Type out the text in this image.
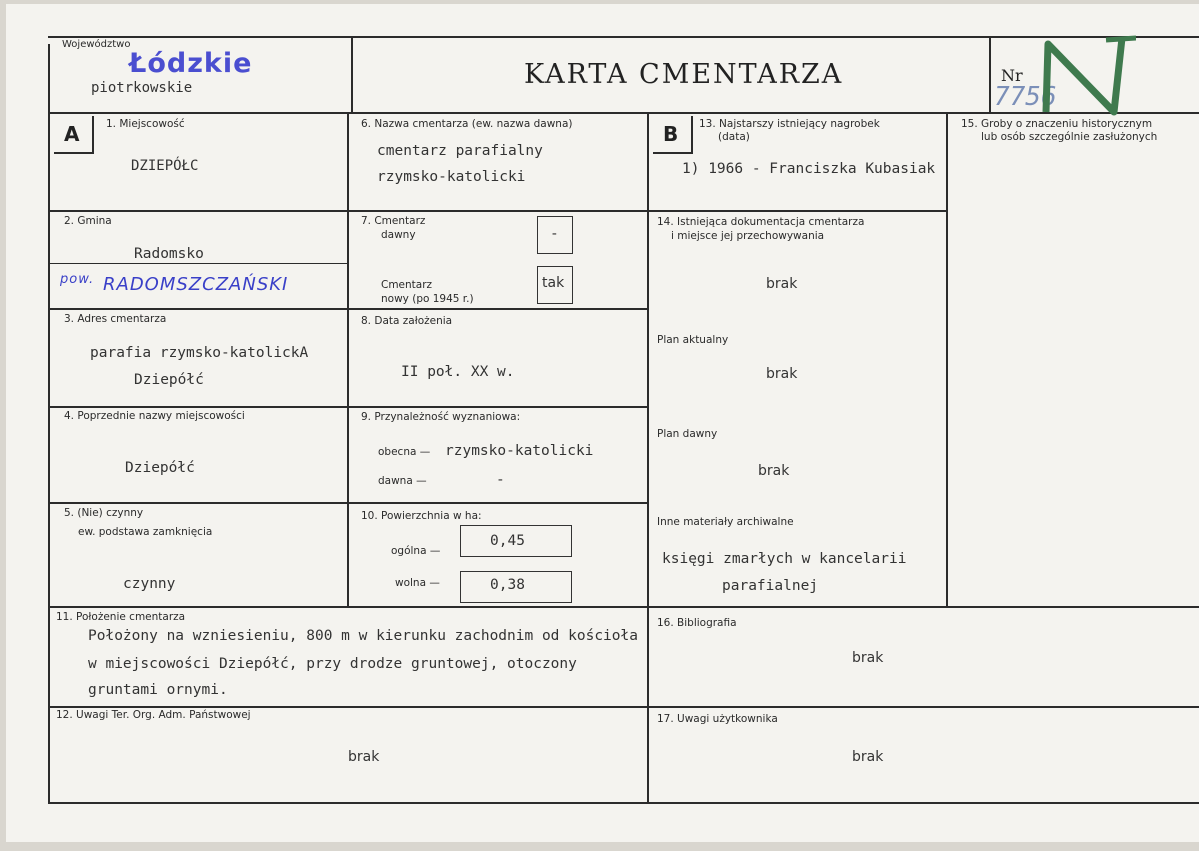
Województwo
Łódzkie
piotrkowskie	KARTA CMENTARZA	Nr
7756
A	1. Miejscowość
DZIEPÓŁC
2. Gmina
Radomsko
pow. RADOMSZCZAŃSKI
3. Adres cmentarza
parafia rzymsko-katolickA
Dziepółć
4. Poprzednie nazwy miejscowości
Dziepółć
5. (Nie) czynny
ew. podstawa zamknięcia
czynny
6. Nazwa cmentarza (ew. nazwa dawna)
cmentarz parafialny
rzymsko-katolicki
7. Cmentarz
dawny	-
Cmentarz
nowy (po 1945 r.)
tak
8. Data założenia
II poł. XX w.
9. Przynależność wyznaniowa:
obecna — rzymsko-katolicki
dawna —	-
10. Powierzchnia w ha:
ogólna —
0,45
wolna —	0,38
B 13. Najstarszy istniejący nagrobek
(data)
1) 1966 - Franciszka Kubasiak
14. Istniejąca dokumentacja cmentarza
i miejsce jej przechowywania
brak
Plan aktualny
brak
Plan dawny
brak
Inne materiały archiwalne
księgi zmarłych w kancelarii
parafialnej
15. Groby o znaczeniu historycznym
lub osób szczególnie zasłużonych
11. Położenie cmentarza
Położony na wzniesieniu, 800 m w kierunku zachodnim od kościoła
w miejscowości Dziepółć, przy drodze gruntowej, otoczony
gruntami ornymi.
12. Uwagi Ter. Org. Adm. Państwowej
brak
16. Bibliografia
brak
17. Uwagi użytkownika
brak
